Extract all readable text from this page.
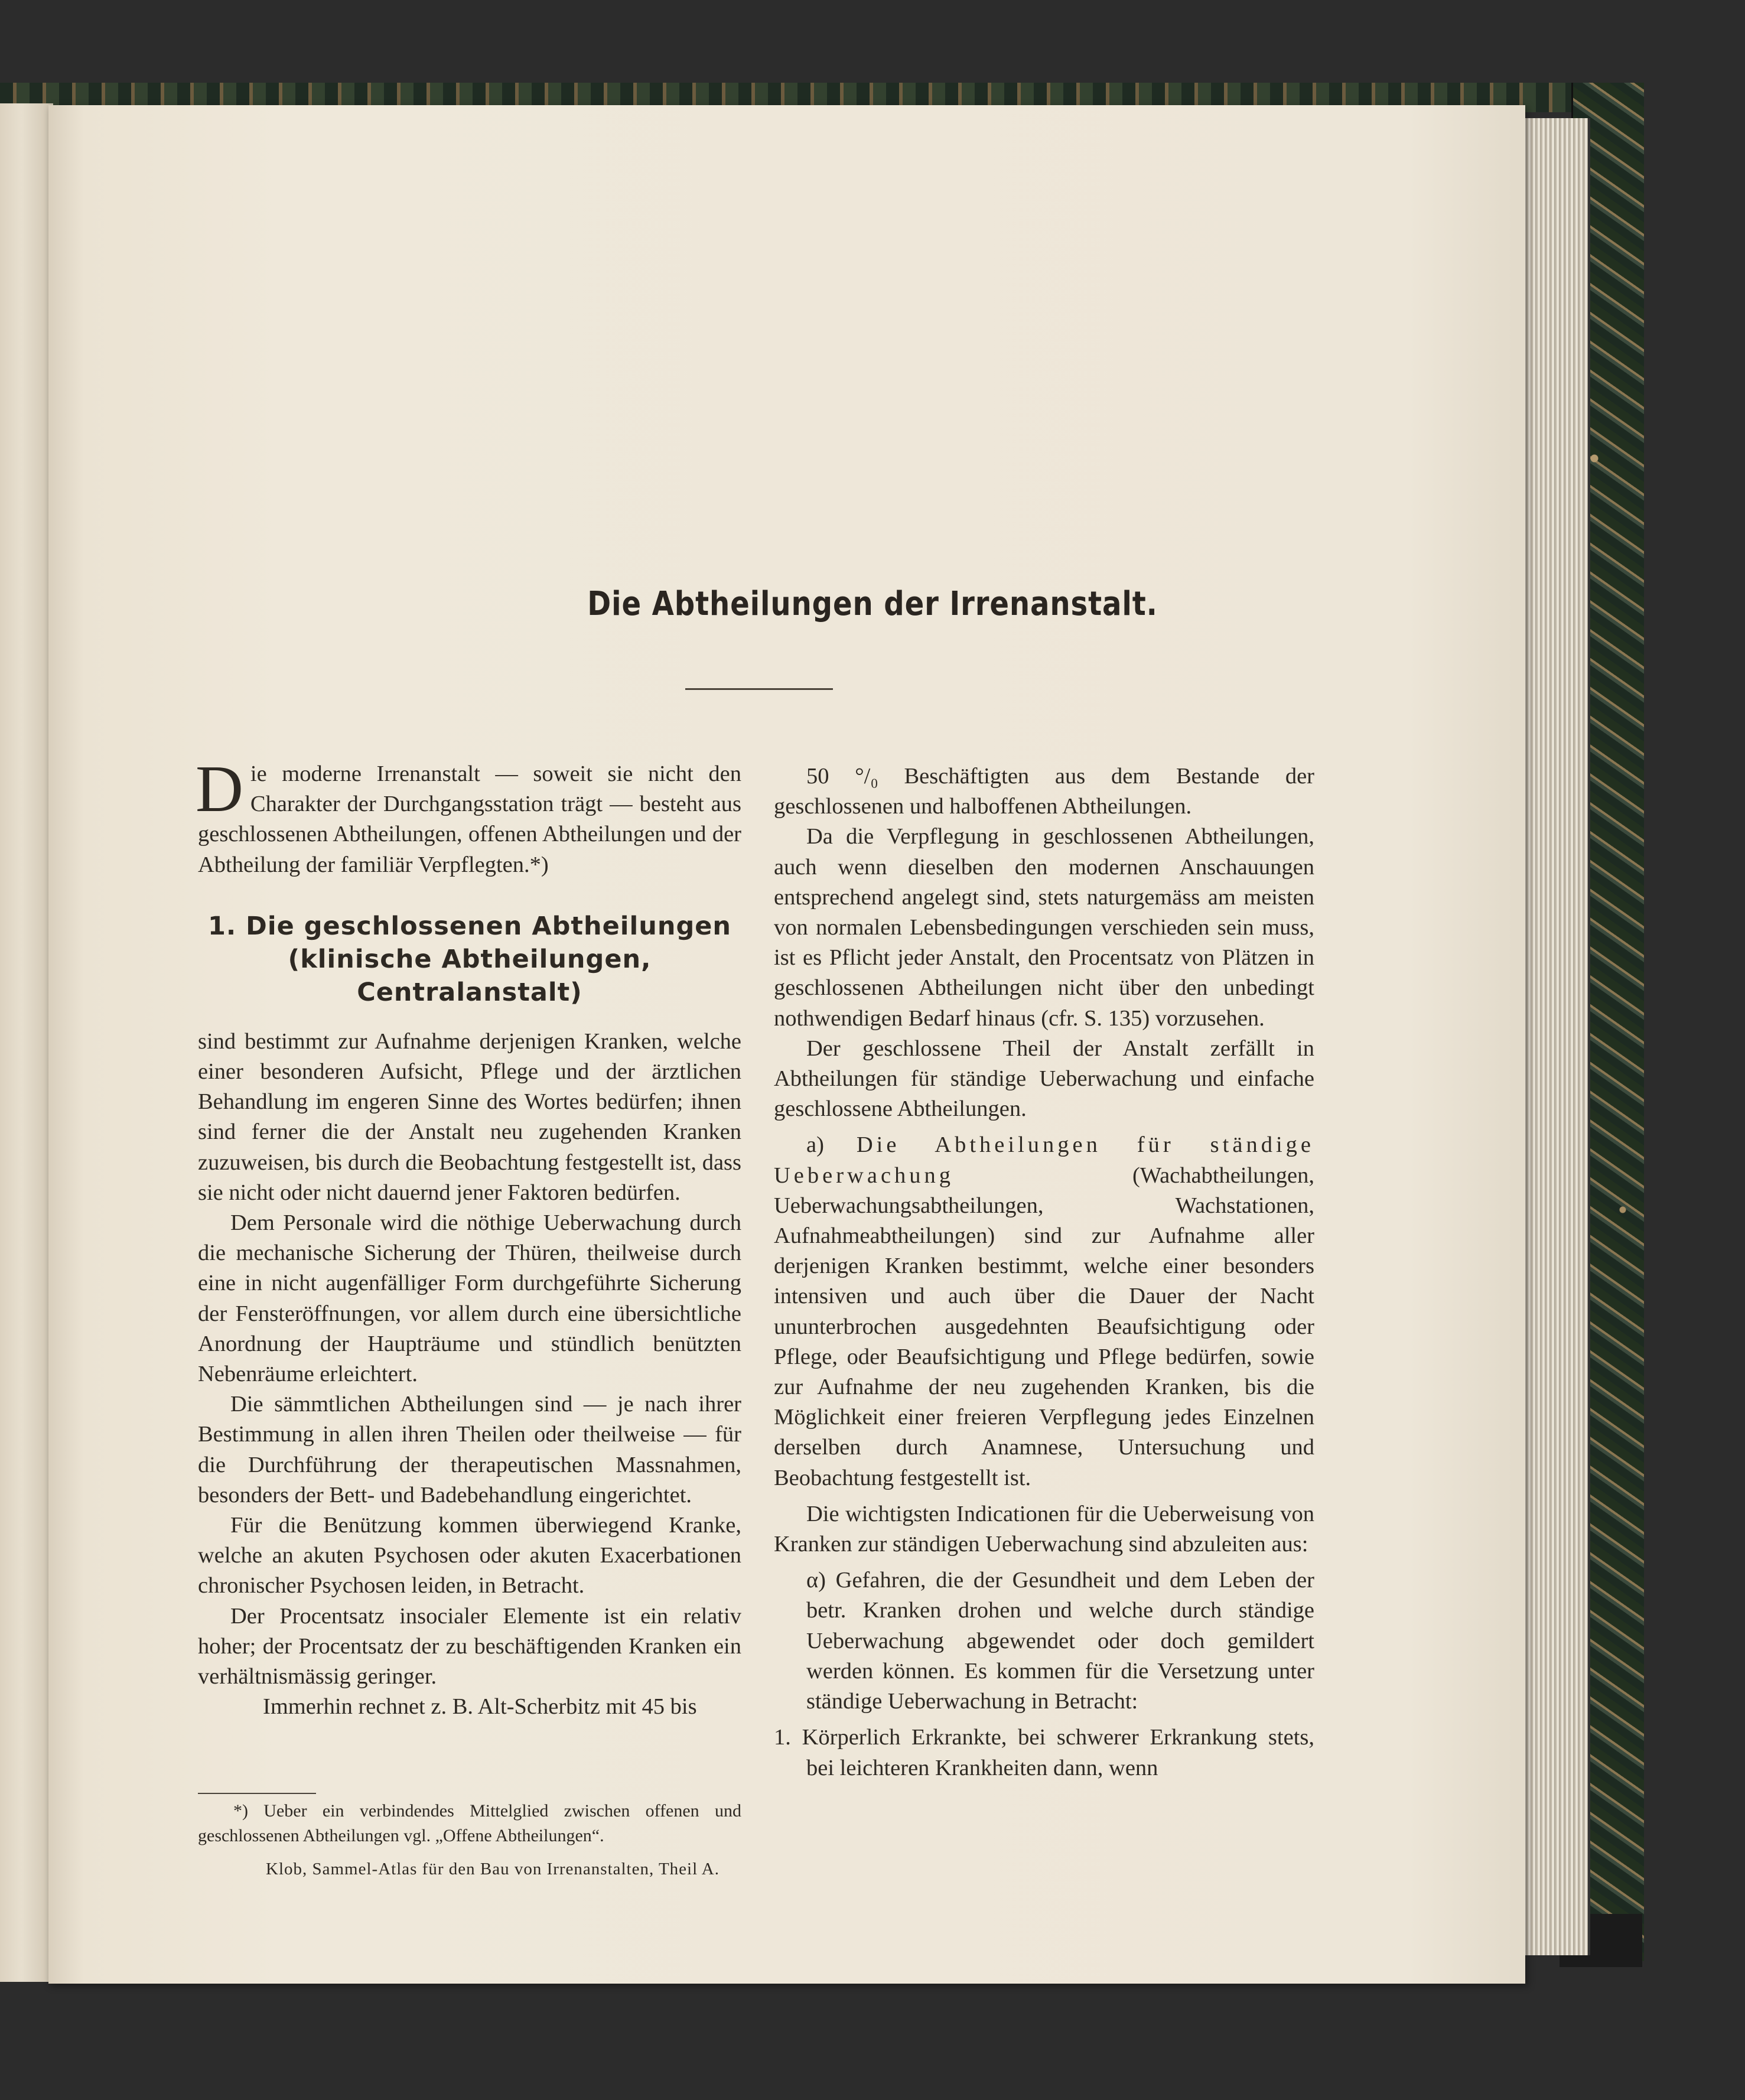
Die Abtheilungen der Irrenanstalt.

Die moderne Irrenanstalt — soweit sie nicht den Charakter der Durchgangsstation trägt — besteht aus geschlossenen Abtheilungen, offenen Abtheilungen und der Abtheilung der familiär Verpflegten.*)

1. Die geschlossenen Abtheilungen
(klinische Abtheilungen,
Centralanstalt)

sind bestimmt zur Aufnahme derjenigen Kranken, welche einer besonderen Aufsicht, Pflege und der ärztlichen Behandlung im engeren Sinne des Wortes bedürfen; ihnen sind ferner die der Anstalt neu zugehenden Kranken zuzuweisen, bis durch die Beobachtung festgestellt ist, dass sie nicht oder nicht dauernd jener Faktoren bedürfen.

Dem Personale wird die nöthige Ueberwachung durch die mechanische Sicherung der Thüren, theilweise durch eine in nicht augenfälliger Form durchgeführte Sicherung der Fensteröffnungen, vor allem durch eine übersichtliche Anordnung der Haupträume und stündlich benützten Nebenräume erleichtert.

Die sämmtlichen Abtheilungen sind — je nach ihrer Bestimmung in allen ihren Theilen oder theilweise — für die Durchführung der therapeutischen Massnahmen, besonders der Bett- und Badebehandlung eingerichtet.

Für die Benützung kommen überwiegend Kranke, welche an akuten Psychosen oder akuten Exacerbationen chronischer Psychosen leiden, in Betracht.

Der Procentsatz insocialer Elemente ist ein relativ hoher; der Procentsatz der zu beschäftigenden Kranken ein verhältnismässig geringer.

Immerhin rechnet z. B. Alt-Scherbitz mit 45 bis

50 °/₀ Beschäftigten aus dem Bestande der geschlossenen und halboffenen Abtheilungen.

Da die Verpflegung in geschlossenen Abtheilungen, auch wenn dieselben den modernen Anschauungen entsprechend angelegt sind, stets naturgemäss am meisten von normalen Lebensbedingungen verschieden sein muss, ist es Pflicht jeder Anstalt, den Procentsatz von Plätzen in geschlossenen Abtheilungen nicht über den unbedingt nothwendigen Bedarf hinaus (cfr. S. 135) vorzusehen.

Der geschlossene Theil der Anstalt zerfällt in Abtheilungen für ständige Ueberwachung und einfache geschlossene Abtheilungen.

a) Die Abtheilungen für ständige Ueberwachung (Wachabtheilungen, Ueberwachungsabtheilungen, Wachstationen, Aufnahmeabtheilungen) sind zur Aufnahme aller derjenigen Kranken bestimmt, welche einer besonders intensiven und auch über die Dauer der Nacht ununterbrochen ausgedehnten Beaufsichtigung oder Pflege, oder Beaufsichtigung und Pflege bedürfen, sowie zur Aufnahme der neu zugehenden Kranken, bis die Möglichkeit einer freieren Verpflegung jedes Einzelnen derselben durch Anamnese, Untersuchung und Beobachtung festgestellt ist.

Die wichtigsten Indicationen für die Ueberweisung von Kranken zur ständigen Ueberwachung sind abzuleiten aus:

α) Gefahren, die der Gesundheit und dem Leben der betr. Kranken drohen und welche durch ständige Ueberwachung abgewendet oder doch gemildert werden können. Es kommen für die Versetzung unter ständige Ueberwachung in Betracht:

1. Körperlich Erkrankte, bei schwerer Erkrankung stets, bei leichteren Krankheiten dann, wenn

*) Ueber ein verbindendes Mittelglied zwischen offenen und geschlossenen Abtheilungen vgl. „Offene Abtheilungen“.

Klob, Sammel-Atlas für den Bau von Irrenanstalten, Theil A.
